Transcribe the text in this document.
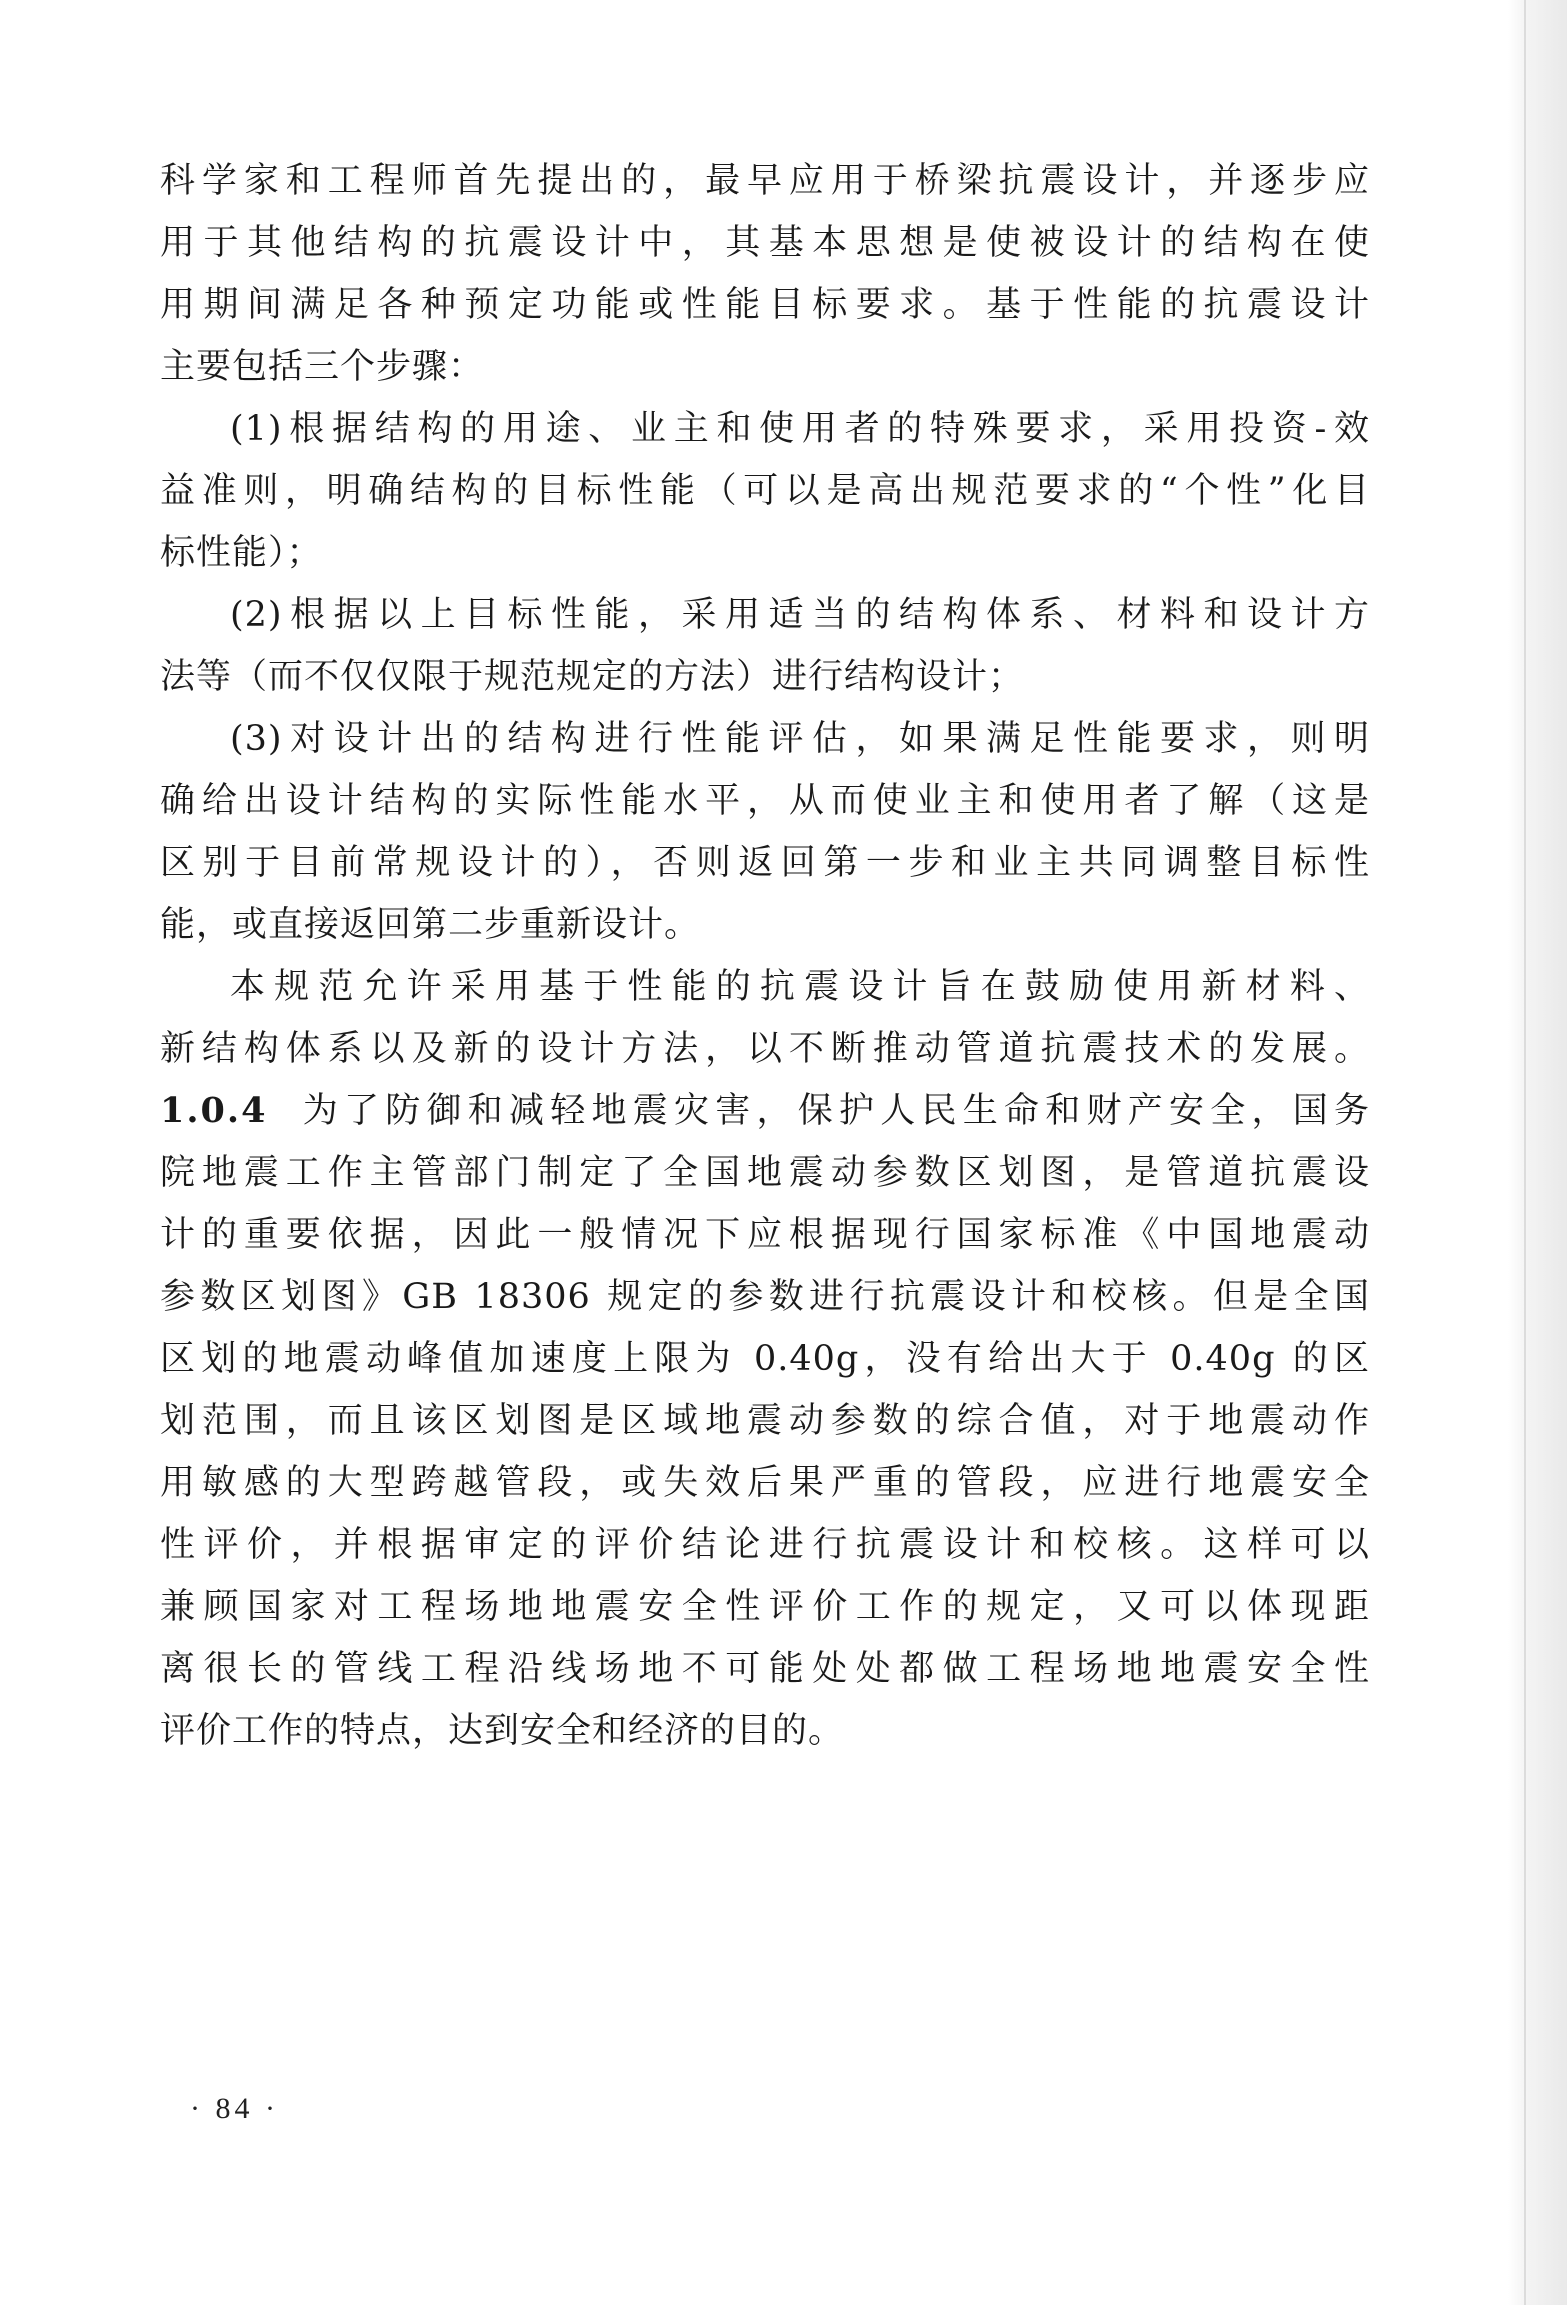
科学家和工程师首先提出的，最早应用于桥梁抗震设计，并逐步应
用于其他结构的抗震设计中，其基本思想是使被设计的结构在使
用期间满足各种预定功能或性能目标要求。基于性能的抗震设计
主要包括三个步骤：
(1)根据结构的用途、业主和使用者的特殊要求，采用投资-效
益准则，明确结构的目标性能（可以是高出规范要求的“个性”化目
标性能）；
(2)根据以上目标性能，采用适当的结构体系、材料和设计方
法等（而不仅仅限于规范规定的方法）进行结构设计；
(3)对设计出的结构进行性能评估，如果满足性能要求，则明
确给出设计结构的实际性能水平，从而使业主和使用者了解（这是
区别于目前常规设计的），否则返回第一步和业主共同调整目标性
能，或直接返回第二步重新设计。
本规范允许采用基于性能的抗震设计旨在鼓励使用新材料、
新结构体系以及新的设计方法，以不断推动管道抗震技术的发展。
1.0.4 为了防御和减轻地震灾害，保护人民生命和财产安全，国务
院地震工作主管部门制定了全国地震动参数区划图，是管道抗震设
计的重要依据，因此一般情况下应根据现行国家标准《中国地震动
参数区划图》GB 18306 规定的参数进行抗震设计和校核。但是全国
区划的地震动峰值加速度上限为 0.40g，没有给出大于 0.40g 的区
划范围，而且该区划图是区域地震动参数的综合值，对于地震动作
用敏感的大型跨越管段，或失效后果严重的管段，应进行地震安全
性评价，并根据审定的评价结论进行抗震设计和校核。这样可以
兼顾国家对工程场地地震安全性评价工作的规定，又可以体现距
离很长的管线工程沿线场地不可能处处都做工程场地地震安全性
评价工作的特点，达到安全和经济的目的。
· 84 ·
